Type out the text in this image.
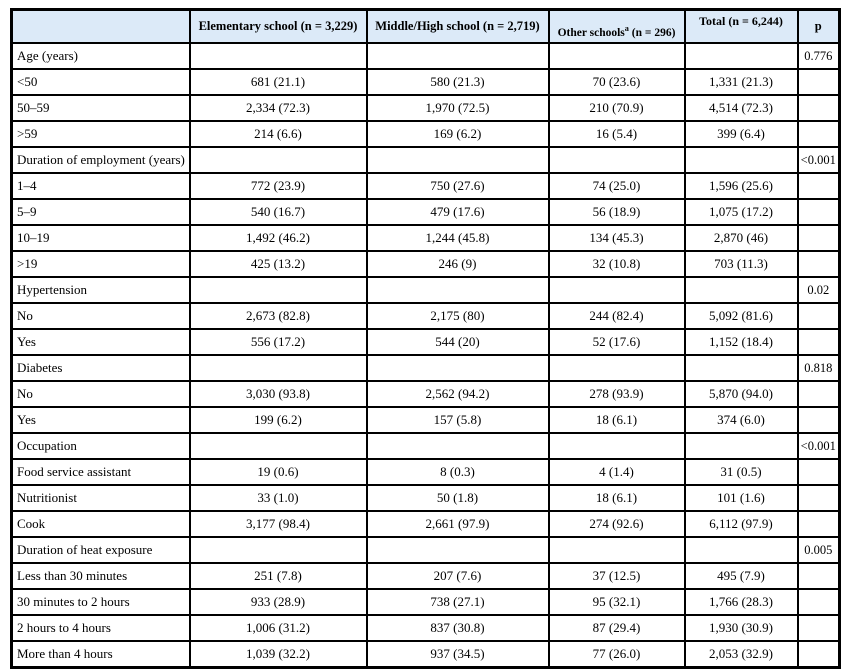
	Elementary school (n = 3,229)	Middle/High school (n = 2,719)	Other schools$^a$ (n = 296)	Total (n = 6,244)	p
Age (years)					0.776
<50	681 (21.1)	580 (21.3)	70 (23.6)	1,331 (21.3)	
50–59	2,334 (72.3)	1,970 (72.5)	210 (70.9)	4,514 (72.3)	
>59	214 (6.6)	169 (6.2)	16 (5.4)	399 (6.4)	
Duration of employment (years)					<0.001
1–4	772 (23.9)	750 (27.6)	74 (25.0)	1,596 (25.6)	
5–9	540 (16.7)	479 (17.6)	56 (18.9)	1,075 (17.2)	
10–19	1,492 (46.2)	1,244 (45.8)	134 (45.3)	2,870 (46)	
>19	425 (13.2)	246 (9)	32 (10.8)	703 (11.3)	
Hypertension					0.02
No	2,673 (82.8)	2,175 (80)	244 (82.4)	5,092 (81.6)	
Yes	556 (17.2)	544 (20)	52 (17.6)	1,152 (18.4)	
Diabetes					0.818
No	3,030 (93.8)	2,562 (94.2)	278 (93.9)	5,870 (94.0)	
Yes	199 (6.2)	157 (5.8)	18 (6.1)	374 (6.0)	
Occupation					<0.001
Food service assistant	19 (0.6)	8 (0.3)	4 (1.4)	31 (0.5)	
Nutritionist	33 (1.0)	50 (1.8)	18 (6.1)	101 (1.6)	
Cook	3,177 (98.4)	2,661 (97.9)	274 (92.6)	6,112 (97.9)	
Duration of heat exposure					0.005
Less than 30 minutes	251 (7.8)	207 (7.6)	37 (12.5)	495 (7.9)	
30 minutes to 2 hours	933 (28.9)	738 (27.1)	95 (32.1)	1,766 (28.3)	
2 hours to 4 hours	1,006 (31.2)	837 (30.8)	87 (29.4)	1,930 (30.9)	
More than 4 hours	1,039 (32.2)	937 (34.5)	77 (26.0)	2,053 (32.9)	
